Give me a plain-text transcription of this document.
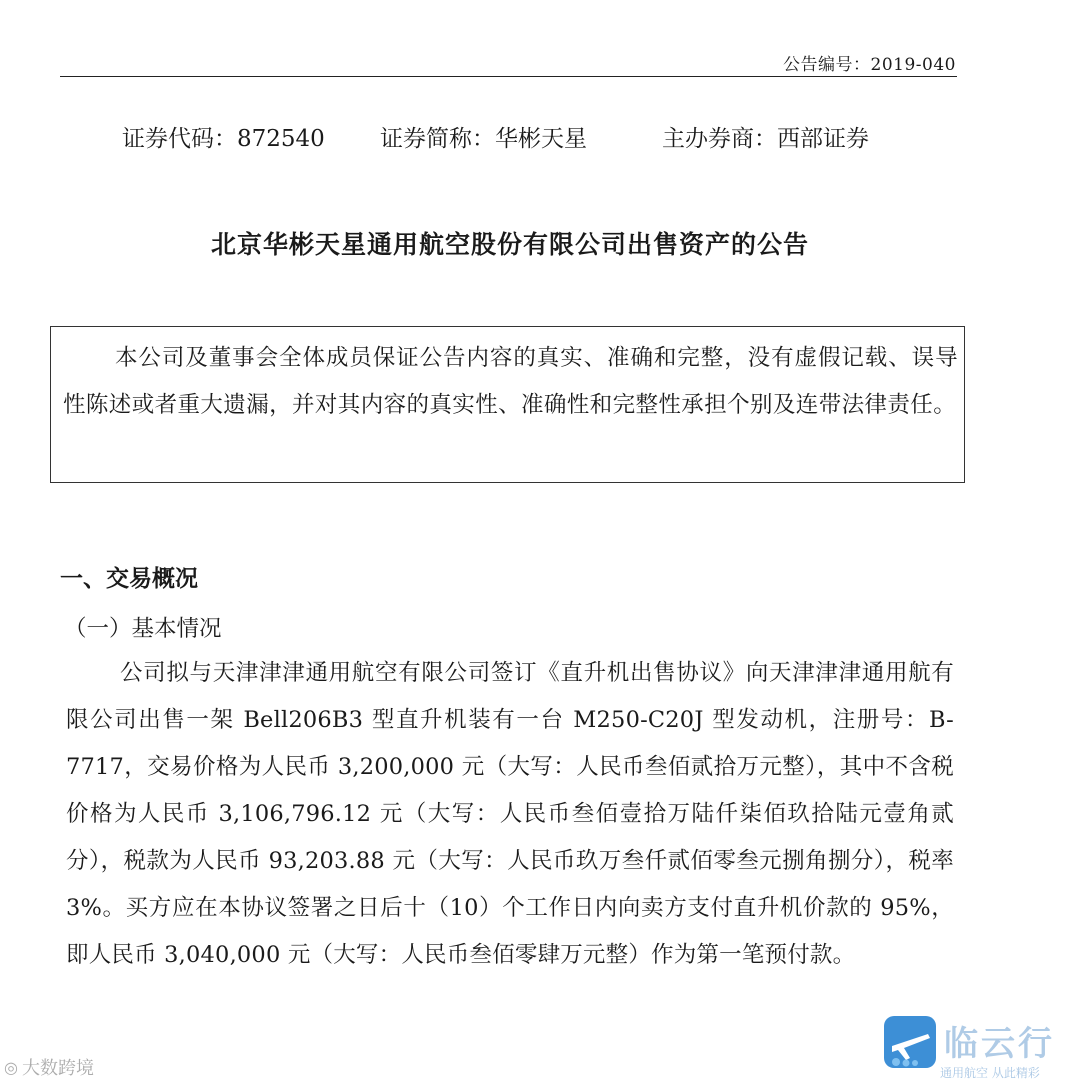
公告编号：2019-040
证券代码：872540 证券简称：华彬天星	主办券商：西部证券
北京华彬天星通用航空股份有限公司出售资产的公告
本公司及董事会全体成员保证公告内容的真实、准确和完整，没有虚假记载、误导性陈述或者重大遗漏，并对其内容的真实性、准确性和完整性承担个别及连带法律责任。
一、交易概况
（一）基本情况
公司拟与天津津津通用航空有限公司签订《直升机出售协议》向天津津津通用航有限公司出售一架 Bell206B3 型直升机装有一台 M250-C20J 型发动机，注册号：B-7717，交易价格为人民币 3,200,000 元（大写：人民币叁佰贰拾万元整），其中不含税价格为人民币 3,106,796.12 元（大写：人民币叁佰壹拾万陆仟柒佰玖拾陆元壹角贰分），税款为人民币 93,203.88 元（大写：人民币玖万叁仟贰佰零叁元捌角捌分），税率 3%。买方应在本协议签署之日后十（10）个工作日内向卖方支付直升机价款的 95%，即人民币 3,040,000 元（大写：人民币叁佰零肆万元整）作为第一笔预付款。
◎ 大数跨境
临云行
通用航空 从此精彩
